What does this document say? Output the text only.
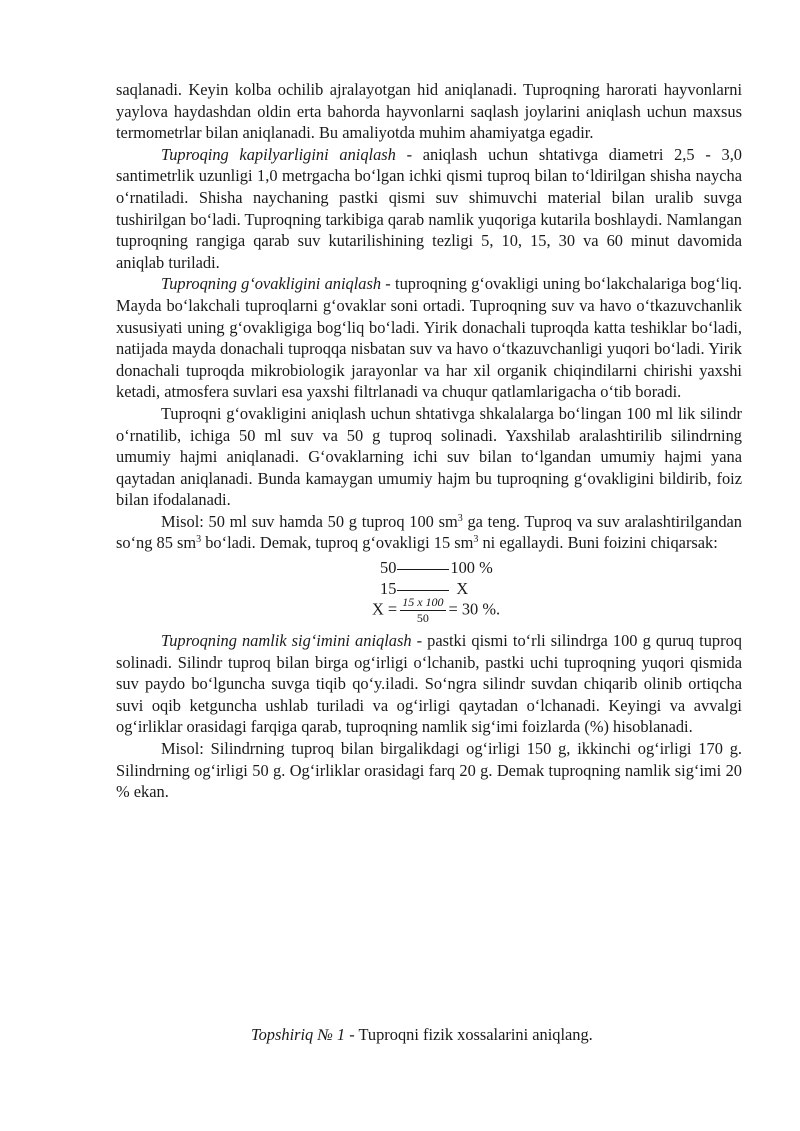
saqlanadi. Keyin kolba ochilib ajralayotgan hid aniqlanadi. Tuproqning harorati hayvonlarni yaylova haydashdan oldin erta bahorda hayvonlarni saqlash joylarini aniqlash uchun maxsus termometrlar bilan aniqlanadi. Bu amaliyotda muhim ahamiyatga egadir.

Tuproqing kapilyarligini aniqlash - aniqlash uchun shtativga diametri 2,5 - 3,0 santimetrlik uzunligi 1,0 metrgacha bo‘lgan ichki qismi tuproq bilan to‘ldirilgan shisha naycha o‘rnatiladi. Shisha naychaning pastki qismi suv shimuvchi material bilan uralib suvga tushirilgan bo‘ladi. Tuproqning tarkibiga qarab namlik yuqoriga kutarila boshlaydi. Namlangan tuproqning rangiga qarab suv kutarilishining tezligi 5, 10, 15, 30 va 60 minut davomida aniqlab turiladi.

Tuproqning g‘ovakligini aniqlash - tuproqning g‘ovakligi uning bo‘lakchalariga bog‘liq. Mayda bo‘lakchali tuproqlarni g‘ovaklar soni ortadi. Tuproqning suv va havo o‘tkazuvchanlik xususiyati uning g‘ovakligiga bog‘liq bo‘ladi. Yirik donachali tuproqda katta teshiklar bo‘ladi, natijada mayda donachali tuproqqa nisbatan suv va havo o‘tkazuvchanligi yuqori bo‘ladi. Yirik donachali tuproqda mikrobiologik jarayonlar va har xil organik chiqindilarni chirishi yaxshi ketadi, atmosfera suvlari esa yaxshi filtrlanadi va chuqur qatlamlarigacha o‘tib boradi.

Tuproqni g‘ovakligini aniqlash uchun shtativga shkalalarga bo‘lingan 100 ml lik silindr o‘rnatilib, ichiga 50 ml suv va 50 g tuproq solinadi. Yaxshilab aralashtirilib silindrning umumiy hajmi aniqlanadi. G‘ovaklarning ichi suv bilan to‘lgandan umumiy hajmi yana qaytadan aniqlanadi. Bunda kamaygan umumiy hajm bu tuproqning g‘ovakligini bildirib, foiz bilan ifodalanadi.

Misol: 50 ml suv hamda 50 g tuproq 100 $sm^3$ ga teng. Tuproq va suv aralashtirilgandan so‘ng 85 $sm^3$ bo‘ladi. Demak, tuproq g‘ovakligi 15 $sm^3$ ni egallaydi. Buni foizini chiqarsak:

50	100 %
15	X
$X = \frac{15 x 100}{50} = 30$ %.

Tuproqning namlik sig‘imini aniqlash - pastki qismi to‘rli silindrga 100 g quruq tuproq solinadi. Silindr tuproq bilan birga og‘irligi o‘lchanib, pastki uchi tuproqning yuqori qismida suv paydo bo‘lguncha suvga tiqib qo‘y.iladi. So‘ngra silindr suvdan chiqarib olinib ortiqcha suvi oqib ketguncha ushlab turiladi va og‘irligi qaytadan o‘lchanadi. Keyingi va avvalgi og‘irliklar orasidagi farqiga qarab, tuproqning namlik sig‘imi foizlarda (%) hisoblanadi.

Misol: Silindrning tuproq bilan birgalikdagi og‘irligi 150 g, ikkinchi og‘irligi 170 g. Silindrning og‘irligi 50 g. Og‘irliklar orasidagi farq 20 g. Demak tuproqning namlik sig‘imi 20 % ekan.

Topshiriq № 1 - Tuproqni fizik xossalarini aniqlang.
